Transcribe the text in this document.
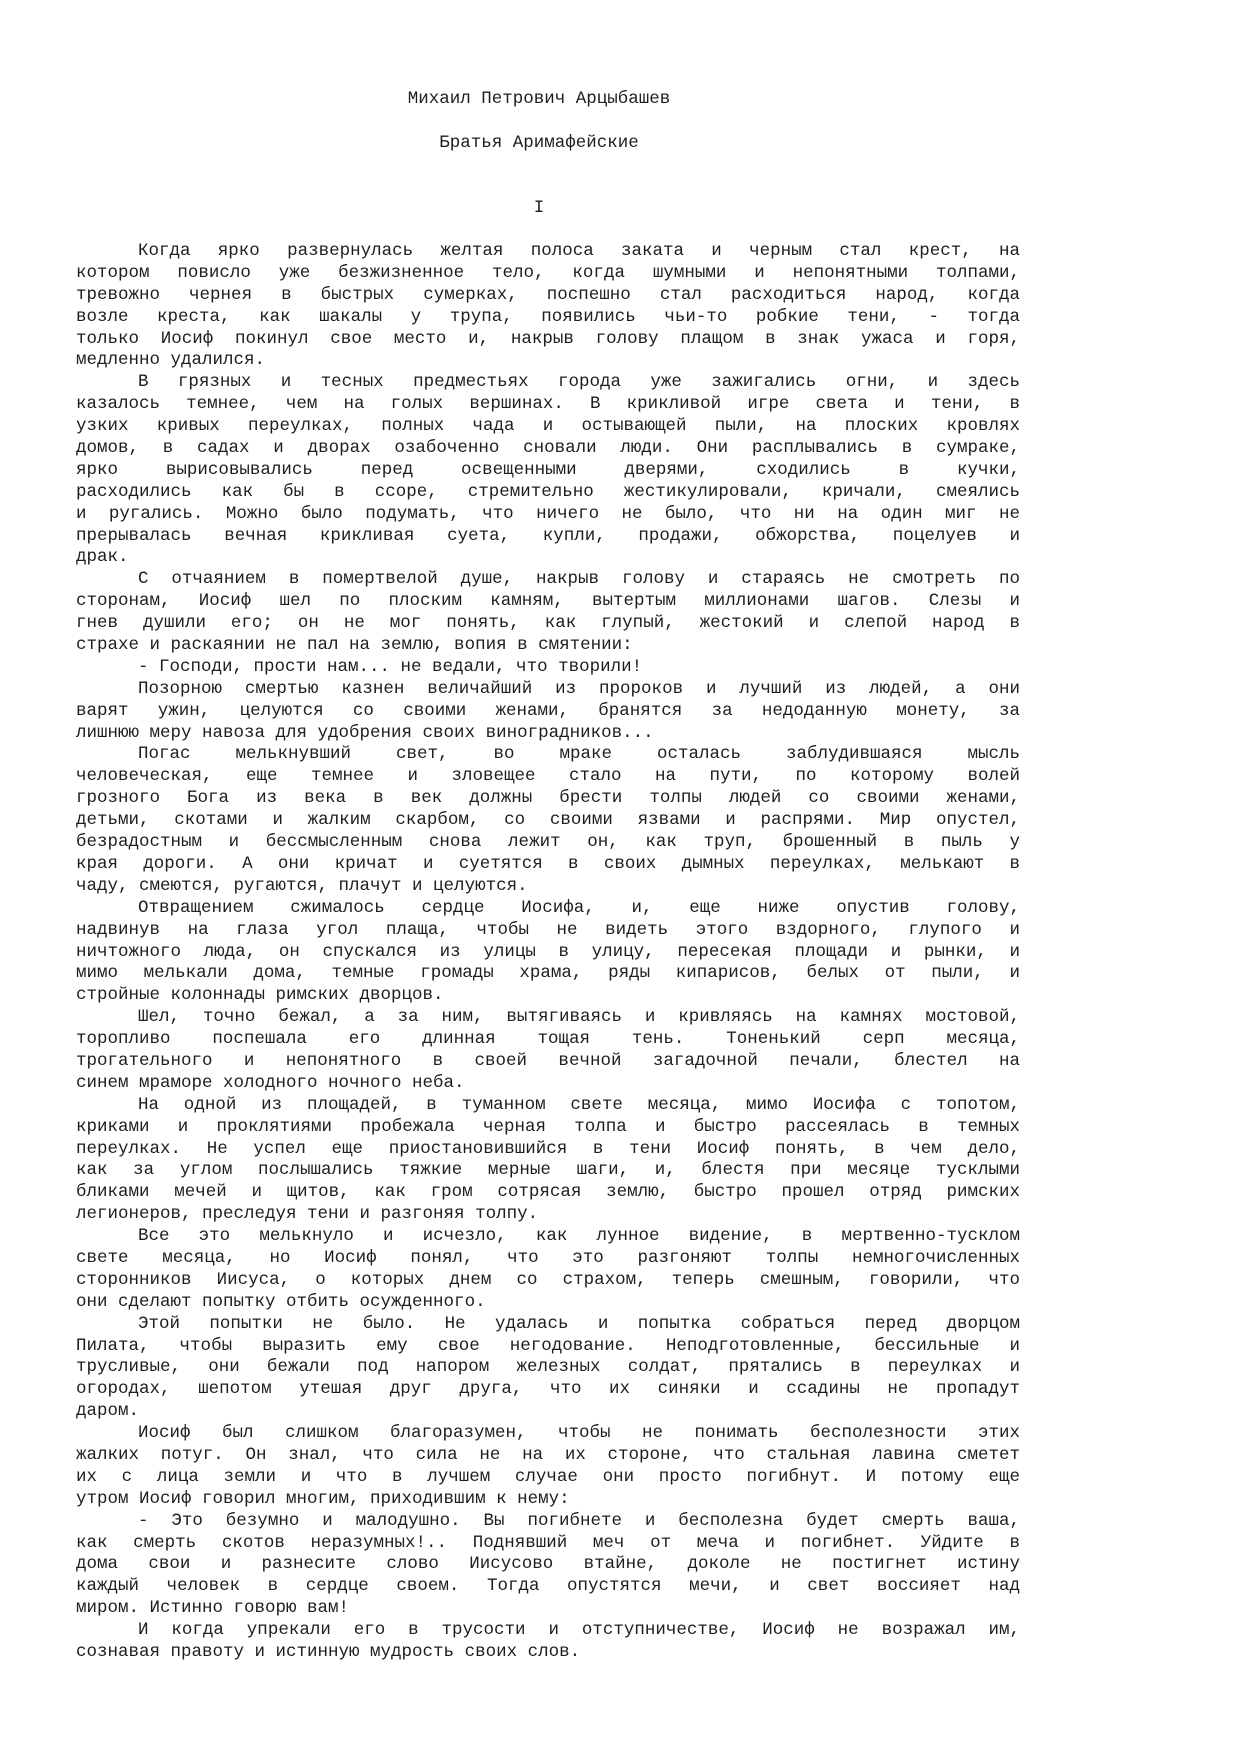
Михаил Петрович Арцыбашев
Братья Аримафейские
I
Когда ярко развернулась желтая полоса заката и черным стал крест, на
котором повисло уже безжизненное тело, когда шумными и непонятными толпами,
тревожно чернея в быстрых сумерках, поспешно стал расходиться народ, когда
возле креста, как шакалы у трупа, появились чьи-то робкие тени, - тогда
только Иосиф покинул свое место и, накрыв голову плащом в знак ужаса и горя,
медленно удалился.
В грязных и тесных предместьях города уже зажигались огни, и здесь
казалось темнее, чем на голых вершинах. В крикливой игре света и тени, в
узких кривых переулках, полных чада и остывающей пыли, на плоских кровлях
домов, в садах и дворах озабоченно сновали люди. Они расплывались в сумраке,
ярко вырисовывались перед освещенными дверями, сходились в кучки,
расходились как бы в ссоре, стремительно жестикулировали, кричали, смеялись
и ругались. Можно было подумать, что ничего не было, что ни на один миг не
прерывалась вечная крикливая суета, купли, продажи, обжорства, поцелуев и
драк.
С отчаянием в помертвелой душе, накрыв голову и стараясь не смотреть по
сторонам, Иосиф шел по плоским камням, вытертым миллионами шагов. Слезы и
гнев душили его; он не мог понять, как глупый, жестокий и слепой народ в
страхе и раскаянии не пал на землю, вопия в смятении:
- Господи, прости нам... не ведали, что творили!
Позорною смертью казнен величайший из пророков и лучший из людей, а они
варят ужин, целуются со своими женами, бранятся за недоданную монету, за
лишнюю меру навоза для удобрения своих виноградников...
Погас мелькнувший свет, во мраке осталась заблудившаяся мысль
человеческая, еще темнее и зловещее стало на пути, по которому волей
грозного Бога из века в век должны брести толпы людей со своими женами,
детьми, скотами и жалким скарбом, со своими язвами и распрями. Мир опустел,
безрадостным и бессмысленным снова лежит он, как труп, брошенный в пыль у
края дороги. А они кричат и суетятся в своих дымных переулках, мелькают в
чаду, смеются, ругаются, плачут и целуются.
Отвращением сжималось сердце Иосифа, и, еще ниже опустив голову,
надвинув на глаза угол плаща, чтобы не видеть этого вздорного, глупого и
ничтожного люда, он спускался из улицы в улицу, пересекая площади и рынки, и
мимо мелькали дома, темные громады храма, ряды кипарисов, белых от пыли, и
стройные колоннады римских дворцов.
Шел, точно бежал, а за ним, вытягиваясь и кривляясь на камнях мостовой,
торопливо поспешала его длинная тощая тень. Тоненький серп месяца,
трогательного и непонятного в своей вечной загадочной печали, блестел на
синем мраморе холодного ночного неба.
На одной из площадей, в туманном свете месяца, мимо Иосифа с топотом,
криками и проклятиями пробежала черная толпа и быстро рассеялась в темных
переулках. Не успел еще приостановившийся в тени Иосиф понять, в чем дело,
как за углом послышались тяжкие мерные шаги, и, блестя при месяце тусклыми
бликами мечей и щитов, как гром сотрясая землю, быстро прошел отряд римских
легионеров, преследуя тени и разгоняя толпу.
Все это мелькнуло и исчезло, как лунное видение, в мертвенно-тусклом
свете месяца, но Иосиф понял, что это разгоняют толпы немногочисленных
сторонников Иисуса, о которых днем со страхом, теперь смешным, говорили, что
они сделают попытку отбить осужденного.
Этой попытки не было. Не удалась и попытка собраться перед дворцом
Пилата, чтобы выразить ему свое негодование. Неподготовленные, бессильные и
трусливые, они бежали под напором железных солдат, прятались в переулках и
огородах, шепотом утешая друг друга, что их синяки и ссадины не пропадут
даром.
Иосиф был слишком благоразумен, чтобы не понимать бесполезности этих
жалких потуг. Он знал, что сила не на их стороне, что стальная лавина сметет
их с лица земли и что в лучшем случае они просто погибнут. И потому еще
утром Иосиф говорил многим, приходившим к нему:
- Это безумно и малодушно. Вы погибнете и бесполезна будет смерть ваша,
как смерть скотов неразумных!.. Поднявший меч от меча и погибнет. Уйдите в
дома свои и разнесите слово Иисусово втайне, доколе не постигнет истину
каждый человек в сердце своем. Тогда опустятся мечи, и свет воссияет над
миром. Истинно говорю вам!
И когда упрекали его в трусости и отступничестве, Иосиф не возражал им,
сознавая правоту и истинную мудрость своих слов.
